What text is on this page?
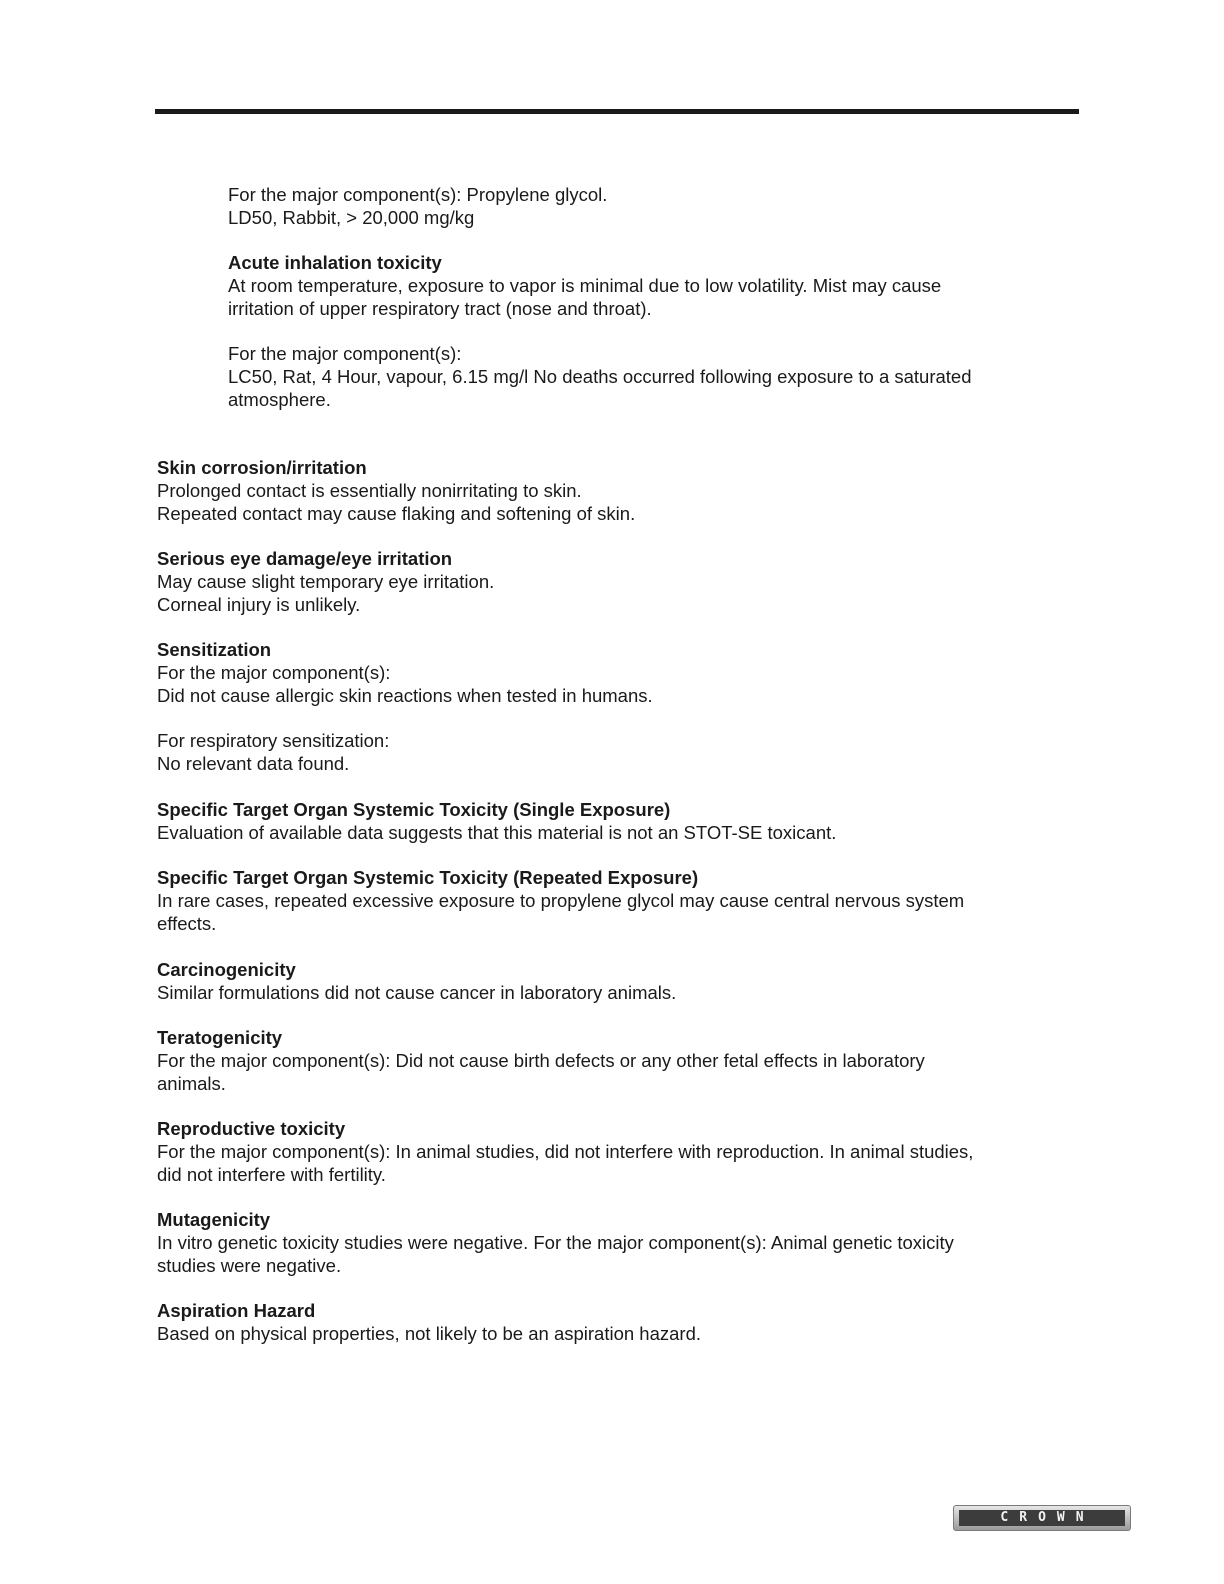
For the major component(s): Propylene glycol.

LD50, Rabbit, > 20,000 mg/kg

Acute inhalation toxicity

At room temperature, exposure to vapor is minimal due to low volatility. Mist may cause

irritation of upper respiratory tract (nose and throat).

For the major component(s):

LC50, Rat, 4 Hour, vapour, 6.15 mg/l No deaths occurred following exposure to a saturated

atmosphere.

Skin corrosion/irritation

Prolonged contact is essentially nonirritating to skin.

Repeated contact may cause flaking and softening of skin.

Serious eye damage/eye irritation

May cause slight temporary eye irritation.

Corneal injury is unlikely.

Sensitization

For the major component(s):

Did not cause allergic skin reactions when tested in humans.

For respiratory sensitization:

No relevant data found.

Specific Target Organ Systemic Toxicity (Single Exposure)

Evaluation of available data suggests that this material is not an STOT-SE toxicant.

Specific Target Organ Systemic Toxicity (Repeated Exposure)

In rare cases, repeated excessive exposure to propylene glycol may cause central nervous system

effects.

Carcinogenicity

Similar formulations did not cause cancer in laboratory animals.

Teratogenicity

For the major component(s): Did not cause birth defects or any other fetal effects in laboratory

animals.

Reproductive toxicity

For the major component(s): In animal studies, did not interfere with reproduction. In animal studies,

did not interfere with fertility.

Mutagenicity

In vitro genetic toxicity studies were negative. For the major component(s): Animal genetic toxicity

studies were negative.

Aspiration Hazard

Based on physical properties, not likely to be an aspiration hazard.

CROWN
